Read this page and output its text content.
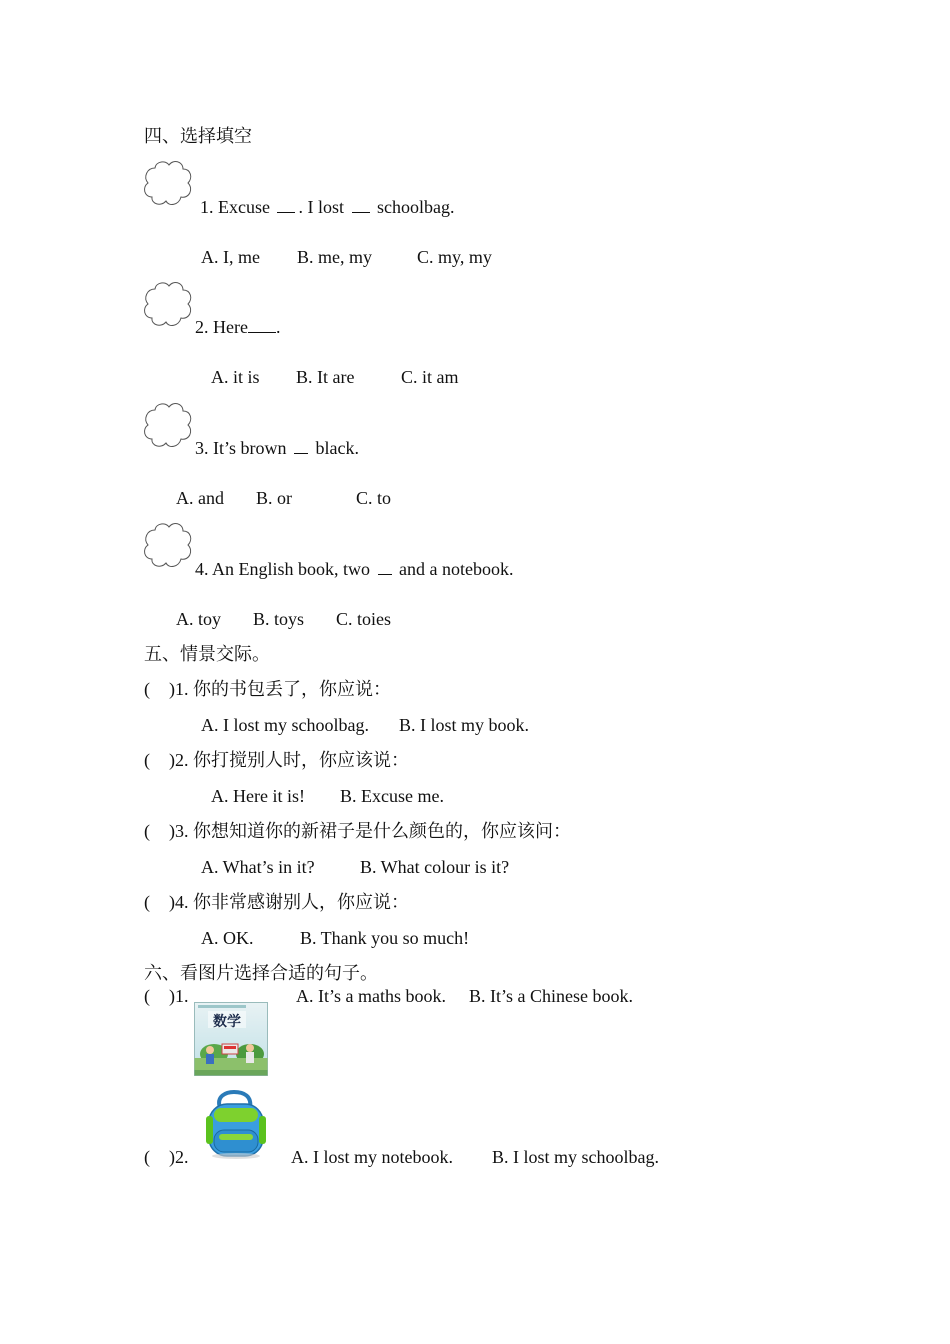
四、选择填空
1. Excuse . I lost  schoolbag.
A. I, me B. me, my	C. my, my
2. Here .
A. it is B. It are	C. it am
3. It’s brown  black.
A. and B. or	C. to
4. An English book, two  and a notebook.
A. toy B. toys C. toies
五、情景交际。
( )1. 你的书包丢了，你应说：
A. I lost my schoolbag. B. I lost my book.
( )2. 你打搅别人时，你应该说：
A. Here it is! B. Excuse me.
( )3. 你想知道你的新裙子是什么颜色的，你应该问：
A. What’s in it?	B. What colour is it?
( )4. 你非常感谢别人，你应说：
A. OK.	B. Thank you so much!
六、看图片选择合适的句子。
( )1.
数学
A. It’s a maths book. B. It’s a Chinese book.
( )2.	A. I lost my notebook. B. I lost my schoolbag.
